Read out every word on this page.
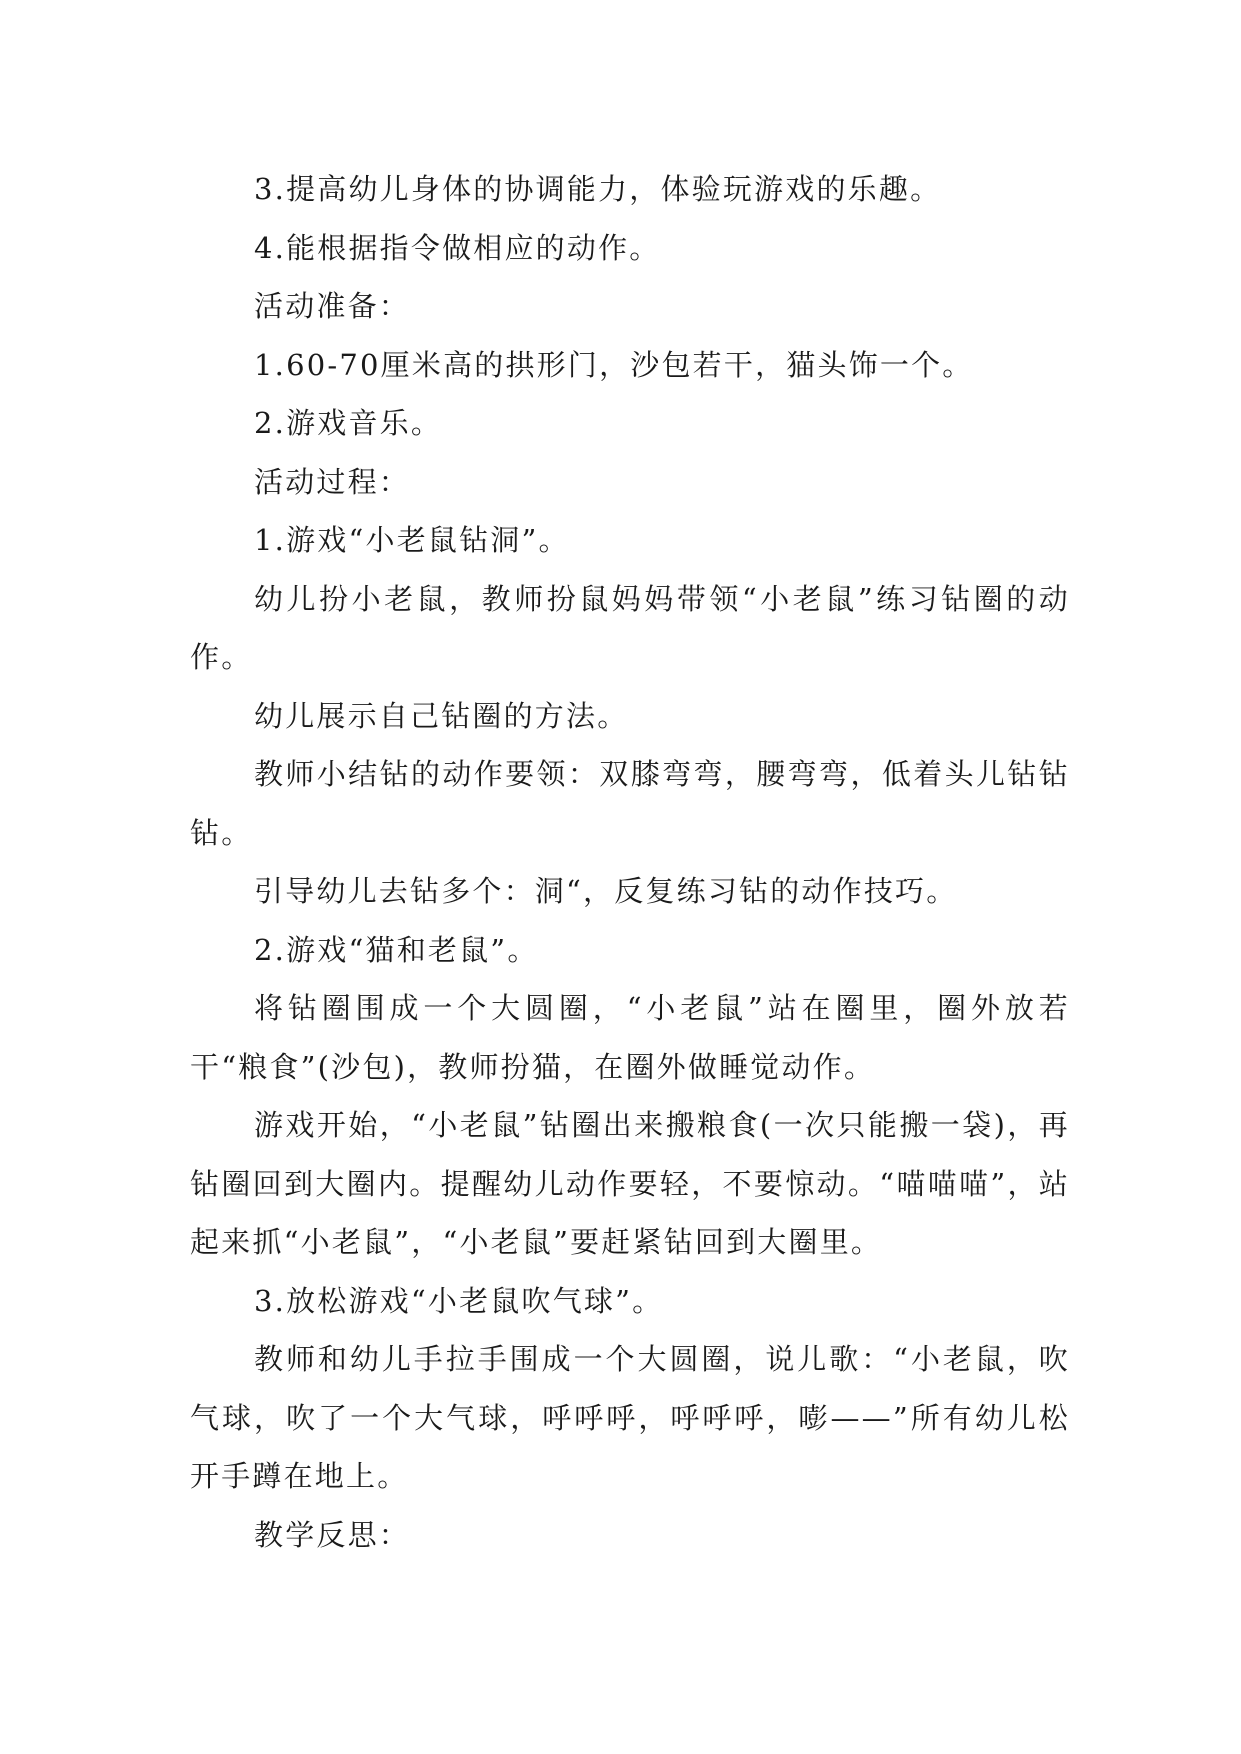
3.提高幼儿身体的协调能力，体验玩游戏的乐趣。

4.能根据指令做相应的动作。

活动准备：

1.60-70厘米高的拱形门，沙包若干，猫头饰一个。

2.游戏音乐。

活动过程：

1.游戏“小老鼠钻洞”。

幼儿扮小老鼠，教师扮鼠妈妈带领“小老鼠”练习钻圈的动作。

幼儿展示自己钻圈的方法。

教师小结钻的动作要领：双膝弯弯，腰弯弯，低着头儿钻钻钻。

引导幼儿去钻多个：洞“，反复练习钻的动作技巧。

2.游戏“猫和老鼠”。

将钻圈围成一个大圆圈，“小老鼠”站在圈里，圈外放若干“粮食”(沙包)，教师扮猫，在圈外做睡觉动作。

游戏开始，“小老鼠”钻圈出来搬粮食(一次只能搬一袋)，再钻圈回到大圈内。提醒幼儿动作要轻，不要惊动。“喵喵喵”，站起来抓“小老鼠”，“小老鼠”要赶紧钻回到大圈里。

3.放松游戏“小老鼠吹气球”。

教师和幼儿手拉手围成一个大圆圈，说儿歌：“小老鼠，吹气球，吹了一个大气球，呼呼呼，呼呼呼，嘭——”所有幼儿松开手蹲在地上。

教学反思：
